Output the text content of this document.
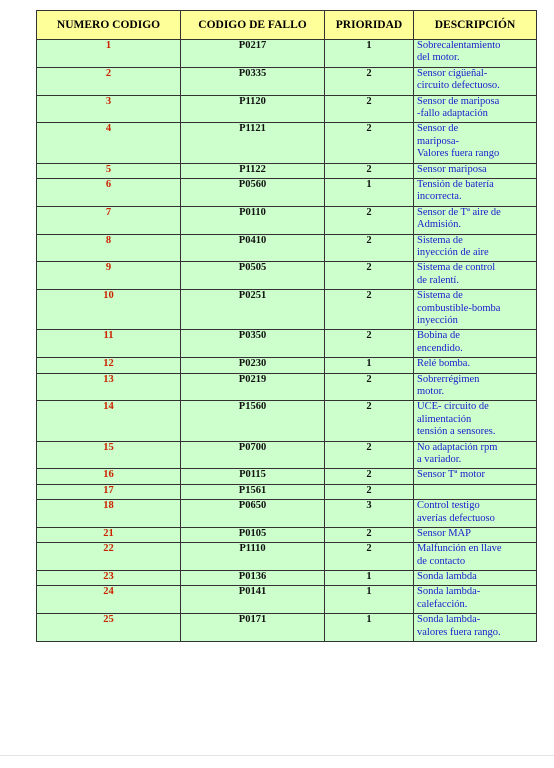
NUMERO CODIGO	CODIGO DE FALLO	PRIORIDAD	DESCRIPCIÓN
1	P0217	1	Sobrecalentamiento
del motor.

2	P0335	2	Sensor cigüeñal-
circuito defectuoso.

3	P1120	2	Sensor de mariposa
-fallo adaptación

4	P1121	2	Sensor de
mariposa-
Valores fuera rango

5	P1122	2	Sensor mariposa

6	P0560	1	Tensión de batería
incorrecta.

7	P0110	2	Sensor de Tª aire de
Admisión.

8	P0410	2	Sistema de
inyección de aire

9	P0505	2	Sistema de control
de ralentí.

10	P0251	2	Sistema de
combustible-bomba
inyección

11	P0350	2	Bobina de
encendido.

12	P0230	1	Relé bomba.

13	P0219	2	Sobrerrégimen
motor.

14	P1560	2	UCE- circuito de
alimentación
tensión a sensores.

15	P0700	2	No adaptación rpm
a variador.

16	P0115	2	Sensor Tª motor

17	P1561	2	

18	P0650	3	Control testigo
averías defectuoso

21	P0105	2	Sensor MAP

22	P1110	2	Malfunción en llave
de contacto

23	P0136	1	Sonda lambda

24	P0141	1	Sonda lambda-
calefacción.

25	P0171	1	Sonda lambda-
valores fuera rango.
